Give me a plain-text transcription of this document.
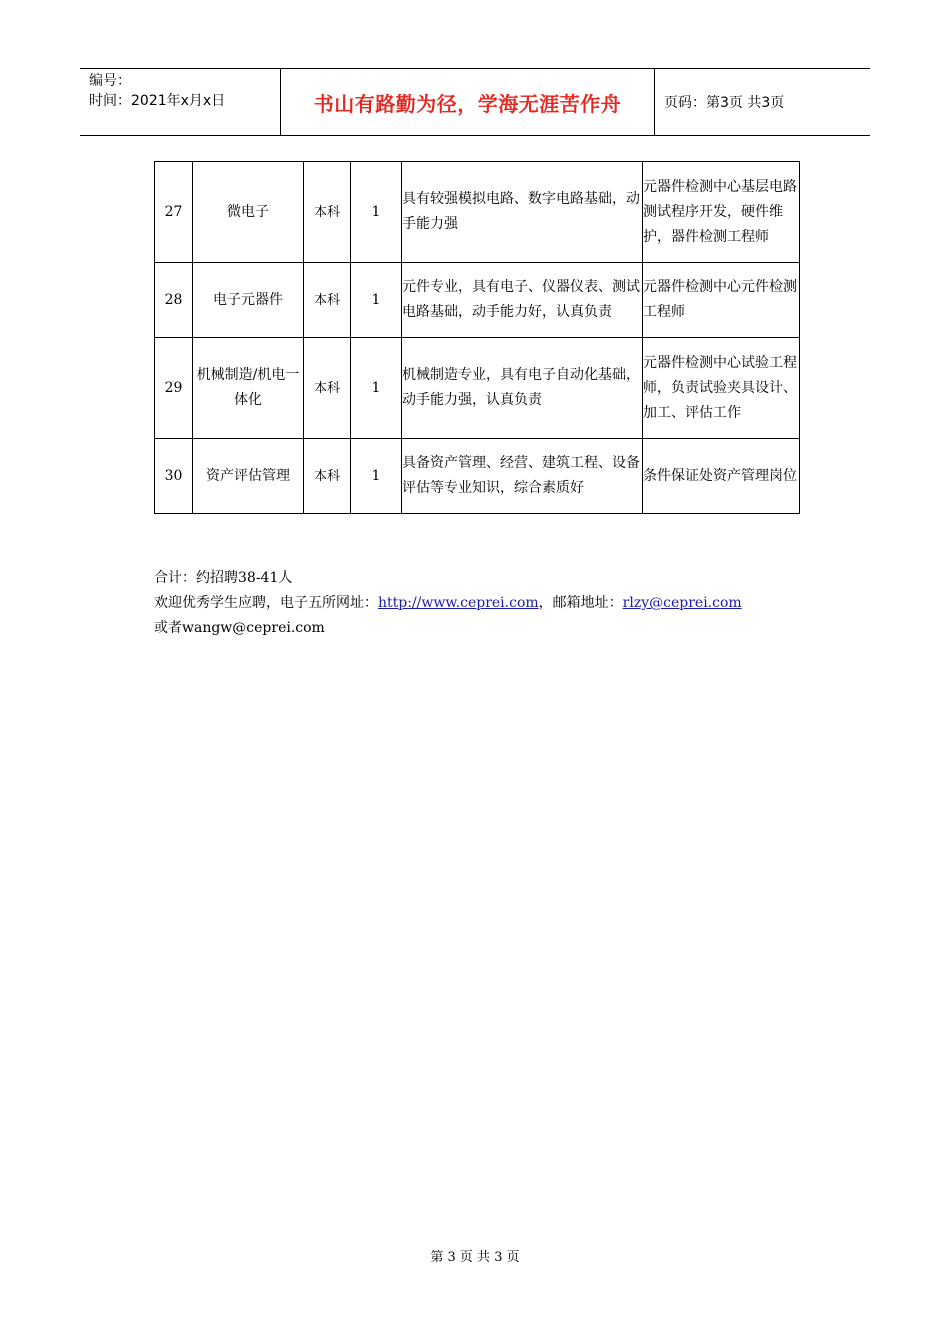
编号：
时间：2021年x月x日	书山有路勤为径，学海无涯苦作舟	页码：第3页 共3页
27	微电子	本科	1	具有较强模拟电路、数字电路基础，动手能力强	元器件检测中心基层电路测试程序开发，硬件维护，器件检测工程师
28	电子元器件	本科	1	元件专业，具有电子、仪器仪表、测试电路基础，动手能力好，认真负责	元器件检测中心元件检测工程师
29	机械制造/机电一体化	本科	1	机械制造专业，具有电子自动化基础，动手能力强，认真负责	元器件检测中心试验工程师，负责试验夹具设计、加工、评估工作
30	资产评估管理	本科	1	具备资产管理、经营、建筑工程、设备评估等专业知识，综合素质好	条件保证处资产管理岗位
合计：约招聘38-41人
欢迎优秀学生应聘，电子五所网址：http://www.ceprei.com，邮箱地址：rlzy@ceprei.com
或者wangw@ceprei.com
第 3 页 共 3 页
